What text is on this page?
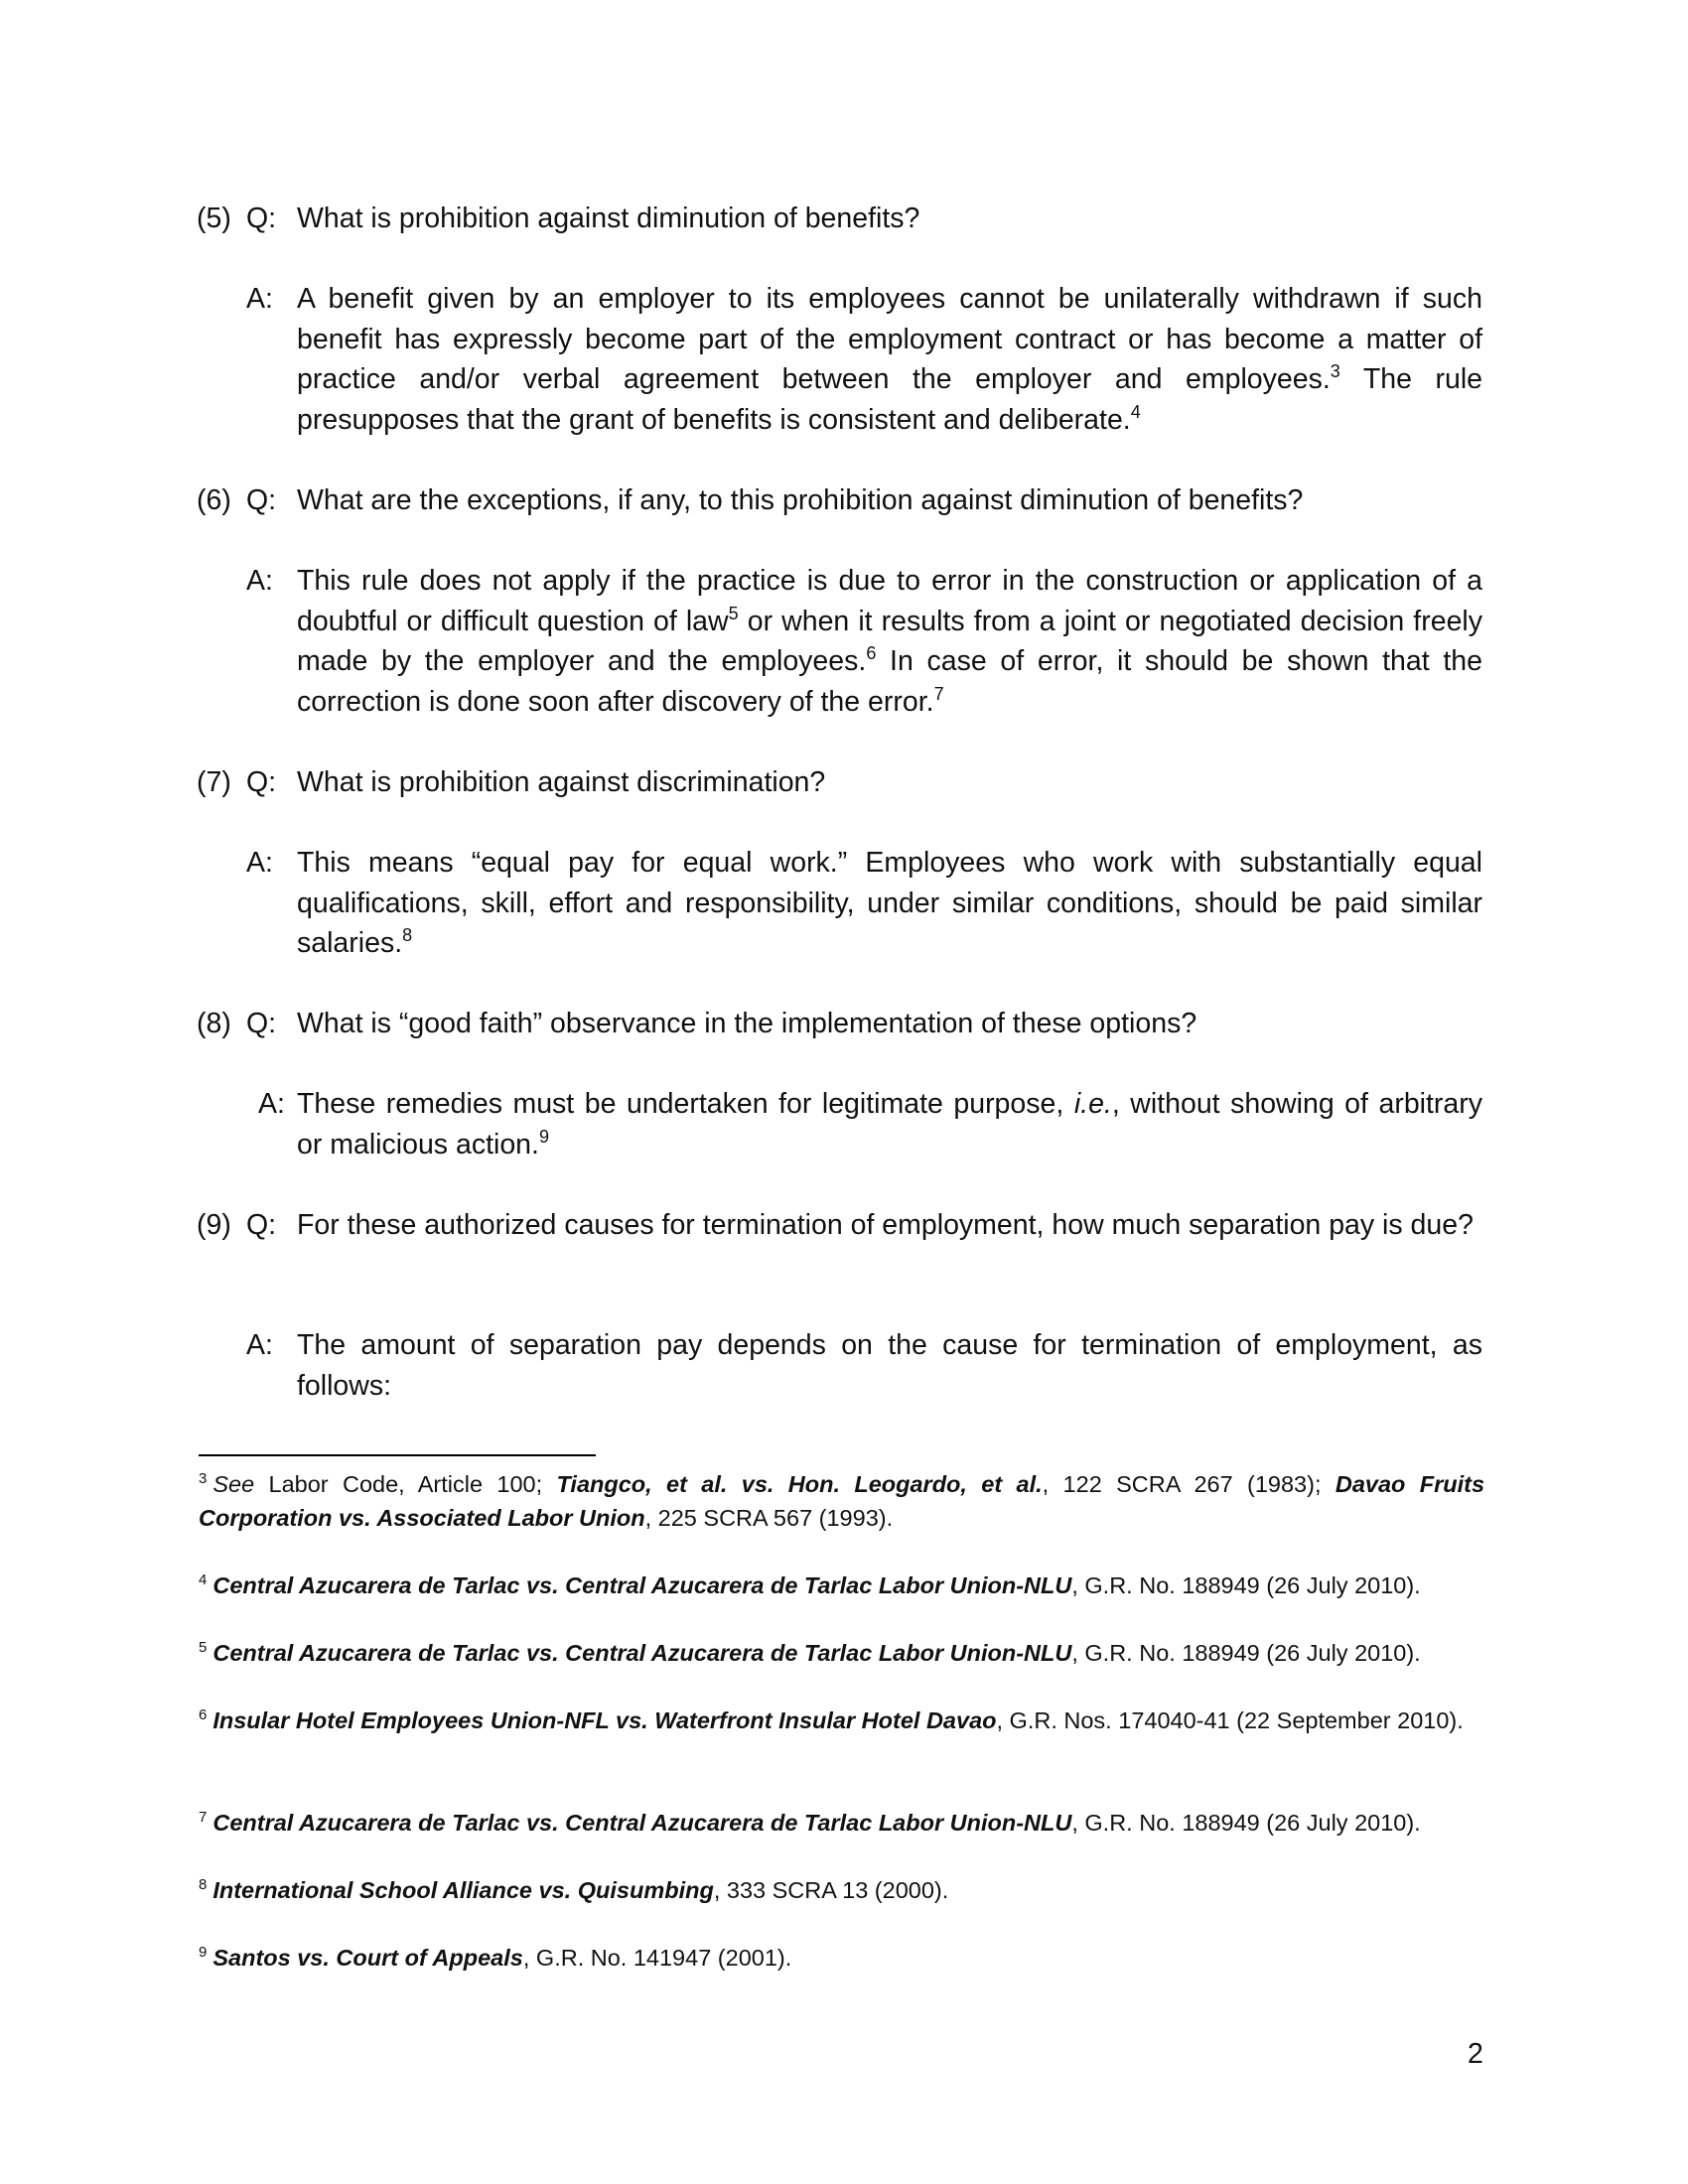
(5) Q: What is prohibition against diminution of benefits?
A: A benefit given by an employer to its employees cannot be unilaterally withdrawn if such benefit has expressly become part of the employment contract or has become a matter of practice and/or verbal agreement between the employer and employees.$^3$ The rule presupposes that the grant of benefits is consistent and deliberate.$^4$
(6) Q: What are the exceptions, if any, to this prohibition against diminution of benefits?
A: This rule does not apply if the practice is due to error in the construction or application of a doubtful or difficult question of law$^5$ or when it results from a joint or negotiated decision freely made by the employer and the employees.$^6$ In case of error, it should be shown that the correction is done soon after discovery of the error.$^7$
(7) Q: What is prohibition against discrimination?
A: This means “equal pay for equal work.” Employees who work with substantially equal qualifications, skill, effort and responsibility, under similar conditions, should be paid similar salaries.$^8$
(8) Q: What is “good faith” observance in the implementation of these options?
A: These remedies must be undertaken for legitimate purpose, i.e., without showing of arbitrary or malicious action.$^9$
(9) Q: For these authorized causes for termination of employment, how much separation pay is due?
A: The amount of separation pay depends on the cause for termination of employment, as follows:
$^3$ See Labor Code, Article 100; Tiangco, et al. vs. Hon. Leogardo, et al., 122 SCRA 267 (1983); Davao Fruits Corporation vs. Associated Labor Union, 225 SCRA 567 (1993).
$^4$ Central Azucarera de Tarlac vs. Central Azucarera de Tarlac Labor Union-NLU, G.R. No. 188949 (26 July 2010).
$^5$ Central Azucarera de Tarlac vs. Central Azucarera de Tarlac Labor Union-NLU, G.R. No. 188949 (26 July 2010).
$^6$ Insular Hotel Employees Union-NFL vs. Waterfront Insular Hotel Davao, G.R. Nos. 174040-41 (22 September 2010).
$^7$ Central Azucarera de Tarlac vs. Central Azucarera de Tarlac Labor Union-NLU, G.R. No. 188949 (26 July 2010).
$^8$ International School Alliance vs. Quisumbing, 333 SCRA 13 (2000).
$^9$ Santos vs. Court of Appeals, G.R. No. 141947 (2001).
2
